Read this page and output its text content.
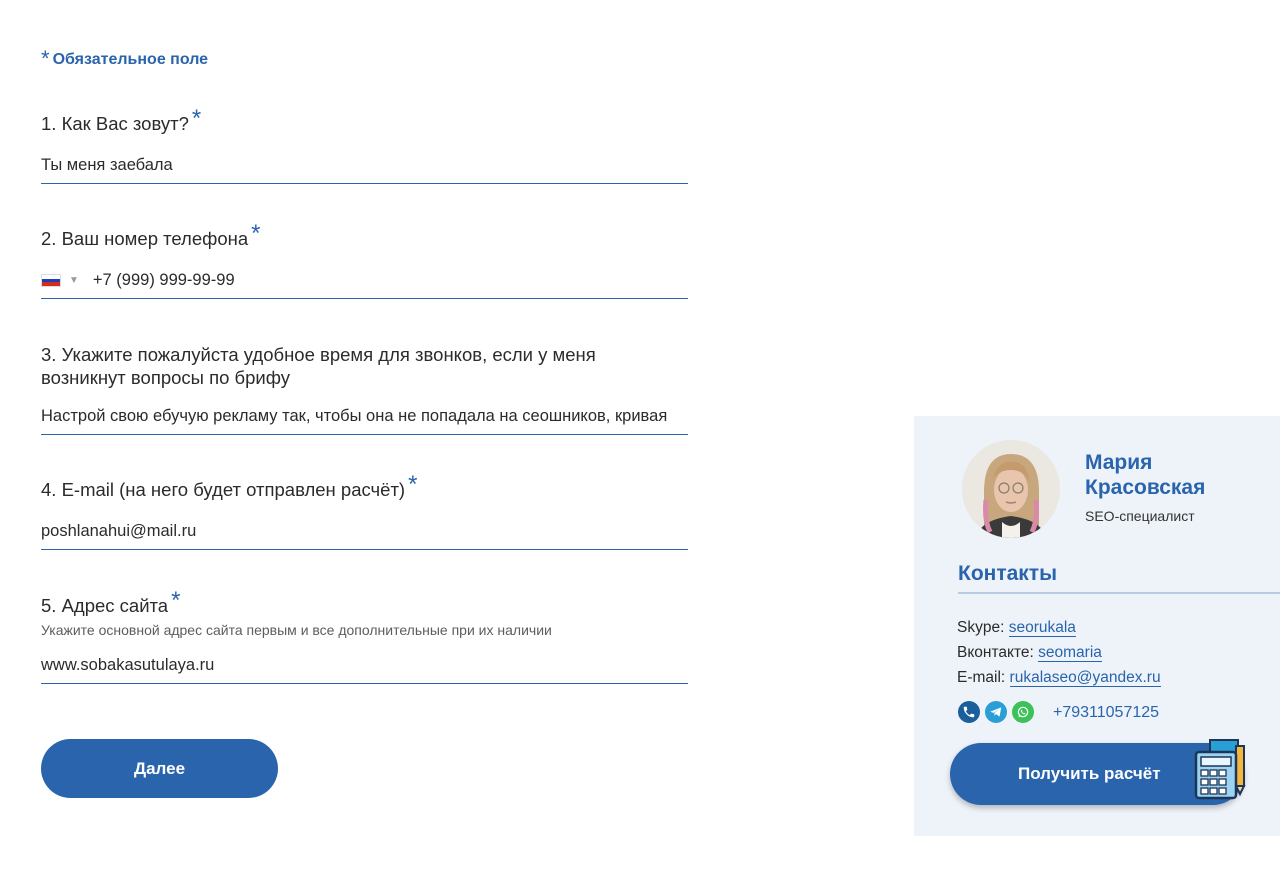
* Обязательное поле
1. Как Вас зовут? *
Ты меня заебала
2. Ваш номер телефона *
▼
+7 (999) 999-99-99
3. Укажите пожалуйста удобное время для звонков, если у меня возникнут вопросы по брифу
Настрой свою ебучую рекламу так, чтобы она не попадала на сеошников, кривая
4. E-mail (на него будет отправлен расчёт) *
poshlanahui@mail.ru
5. Адрес сайта *
Укажите основной адрес сайта первым и все дополнительные при их наличии
www.sobakasutulaya.ru
Далее
Мария Красовская
SEO-специалист
Контакты
Skype: seorukala
Вконтакте: seomaria
E-mail: rukalaseo@yandex.ru
+79311057125
Получить расчёт
